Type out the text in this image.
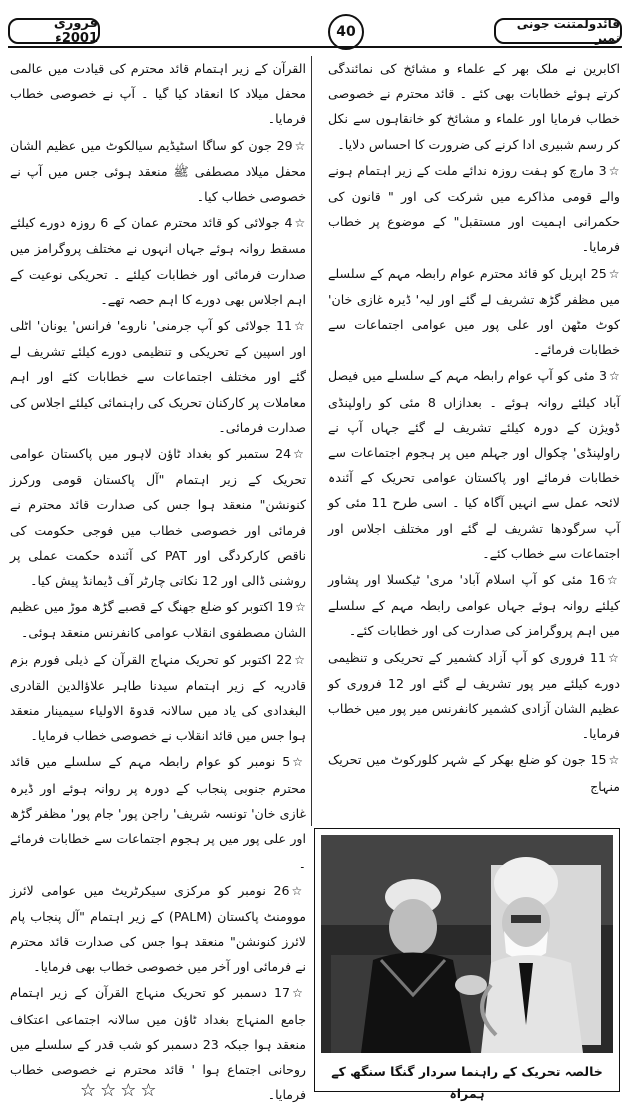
فروری 2001ء	40	قائدولمتنت جونی نمبر

اکابرین نے ملک بھر کے علماء و مشائخ کی نمائندگی کرتے ہوئے خطابات بھی کئے ۔ قائد محترم نے خصوصی خطاب فرمایا اور علماء و مشائخ کو خانقاہوں سے نکل کر رسم شبیری ادا کرنے کی ضرورت کا احساس دلایا۔

☆3 مارچ کو ہفت روزہ ندائے ملت کے زیر اہتمام ہونے والے قومی مذاکرے میں شرکت کی اور " قانون کی حکمرانی اہمیت اور مستقبل" کے موضوع پر خطاب فرمایا۔

☆25 اپریل کو قائد محترم عوام رابطہ مہم کے سلسلے میں مظفر گڑھ تشریف لے گئے اور لیہ' ڈیرہ غازی خان' کوٹ مٹھن اور علی پور میں عوامی اجتماعات سے خطابات فرمائے۔

☆3 مئی کو آپ عوام رابطہ مہم کے سلسلے میں فیصل آباد کیلئے روانہ ہوئے ۔ بعدازاں 8 مئی کو راولپنڈی ڈویژن کے دورہ کیلئے تشریف لے گئے جہاں آپ نے راولپنڈی' چکوال اور جہلم میں پر ہجوم اجتماعات سے خطابات فرمائے اور پاکستان عوامی تحریک کے آئندہ لائحہ عمل سے انہیں آگاہ کیا ۔ اسی طرح 11 مئی کو آپ سرگودھا تشریف لے گئے اور مختلف اجلاس اور اجتماعات سے خطاب کئے۔

☆16 مئی کو آپ اسلام آباد' مری' ٹیکسلا اور پشاور کیلئے روانہ ہوئے جہاں عوامی رابطہ مہم کے سلسلے میں اہم پروگرامز کی صدارت کی اور خطابات کئے۔

☆11 فروری کو آپ آزاد کشمیر کے تحریکی و تنظیمی دورے کیلئے میر پور تشریف لے گئے اور 12 فروری کو عظیم الشان آزادی کشمیر کانفرنس میر پور میں خطاب فرمایا۔

☆15 جون کو ضلع بھکر کے شہر کلورکوٹ میں تحریک منہاج

القرآن کے زیر اہتمام قائد محترم کی قیادت میں عالمی محفل میلاد کا انعقاد کیا گیا ۔ آپ نے خصوصی خطاب فرمایا۔

☆29 جون کو ساگا اسٹیڈیم سیالکوٹ میں عظیم الشان محفل میلاد مصطفی ﷺ منعقد ہوئی جس میں آپ نے خصوصی خطاب کیا۔

☆4 جولائی کو قائد محترم عمان کے 6 روزہ دورے کیلئے مسقط روانہ ہوئے جہاں انہوں نے مختلف پروگرامز میں صدارت فرمائی اور خطابات کیلئے ۔ تحریکی نوعیت کے اہم اجلاس بھی دورے کا اہم حصہ تھے۔

☆11 جولائی کو آپ جرمنی' ناروے' فرانس' یونان' اٹلی اور اسپین کے تحریکی و تنظیمی دورے کیلئے تشریف لے گئے اور مختلف اجتماعات سے خطابات کئے اور اہم معاملات پر کارکنان تحریک کی راہنمائی کیلئے اجلاس کی صدارت فرمائی۔

☆24 ستمبر کو بغداد ٹاؤن لاہور میں پاکستان عوامی تحریک کے زیر اہتمام "آل پاکستان قومی ورکرز کنونشن" منعقد ہوا جس کی صدارت قائد محترم نے فرمائی اور خصوصی خطاب میں فوجی حکومت کی ناقص کارکردگی اور PAT کی آئندہ حکمت عملی پر روشنی ڈالی اور 12 نکاتی چارٹر آف ڈیمانڈ پیش کیا۔

☆19 اکتوبر کو ضلع جھنگ کے قصبے گڑھ موڑ میں عظیم الشان مصطفوی انقلاب عوامی کانفرنس منعقد ہوئی۔

☆22 اکتوبر کو تحریک منہاج القرآن کے ذیلی فورم بزم قادریہ کے زیر اہتمام سیدنا طاہر علاؤالدین القادری البغدادی کی یاد میں سالانہ قدوۃ الاولیاء سیمینار منعقد ہوا جس میں قائد انقلاب نے خصوصی خطاب فرمایا۔

☆5 نومبر کو عوام رابطہ مہم کے سلسلے میں قائد محترم جنوبی پنجاب کے دورہ پر روانہ ہوئے اور ڈیرہ غازی خان' تونسہ شریف' راجن پور' جام پور' مظفر گڑھ اور علی پور میں پر ہجوم اجتماعات سے خطابات فرمائے ۔

☆26 نومبر کو مرکزی سیکرٹریٹ میں عوامی لائرز موومنٹ پاکستان (PALM) کے زیر اہتمام "آل پنجاب پام لائرز کنونشن" منعقد ہوا جس کی صدارت قائد محترم نے فرمائی اور آخر میں خصوصی خطاب بھی فرمایا۔

☆17 دسمبر کو تحریک منہاج القرآن کے زیر اہتمام جامع المنہاج بغداد ٹاؤن میں سالانہ اجتماعی اعتکاف منعقد ہوا جبکہ 23 دسمبر کو شب قدر کے سلسلے میں روحانی اجتماع ہوا ' قائد محترم نے خصوصی خطاب فرمایا۔

خالصہ تحریک کے راہنما سردار گنگا سنگھ کے ہمراہ
☆☆☆☆
